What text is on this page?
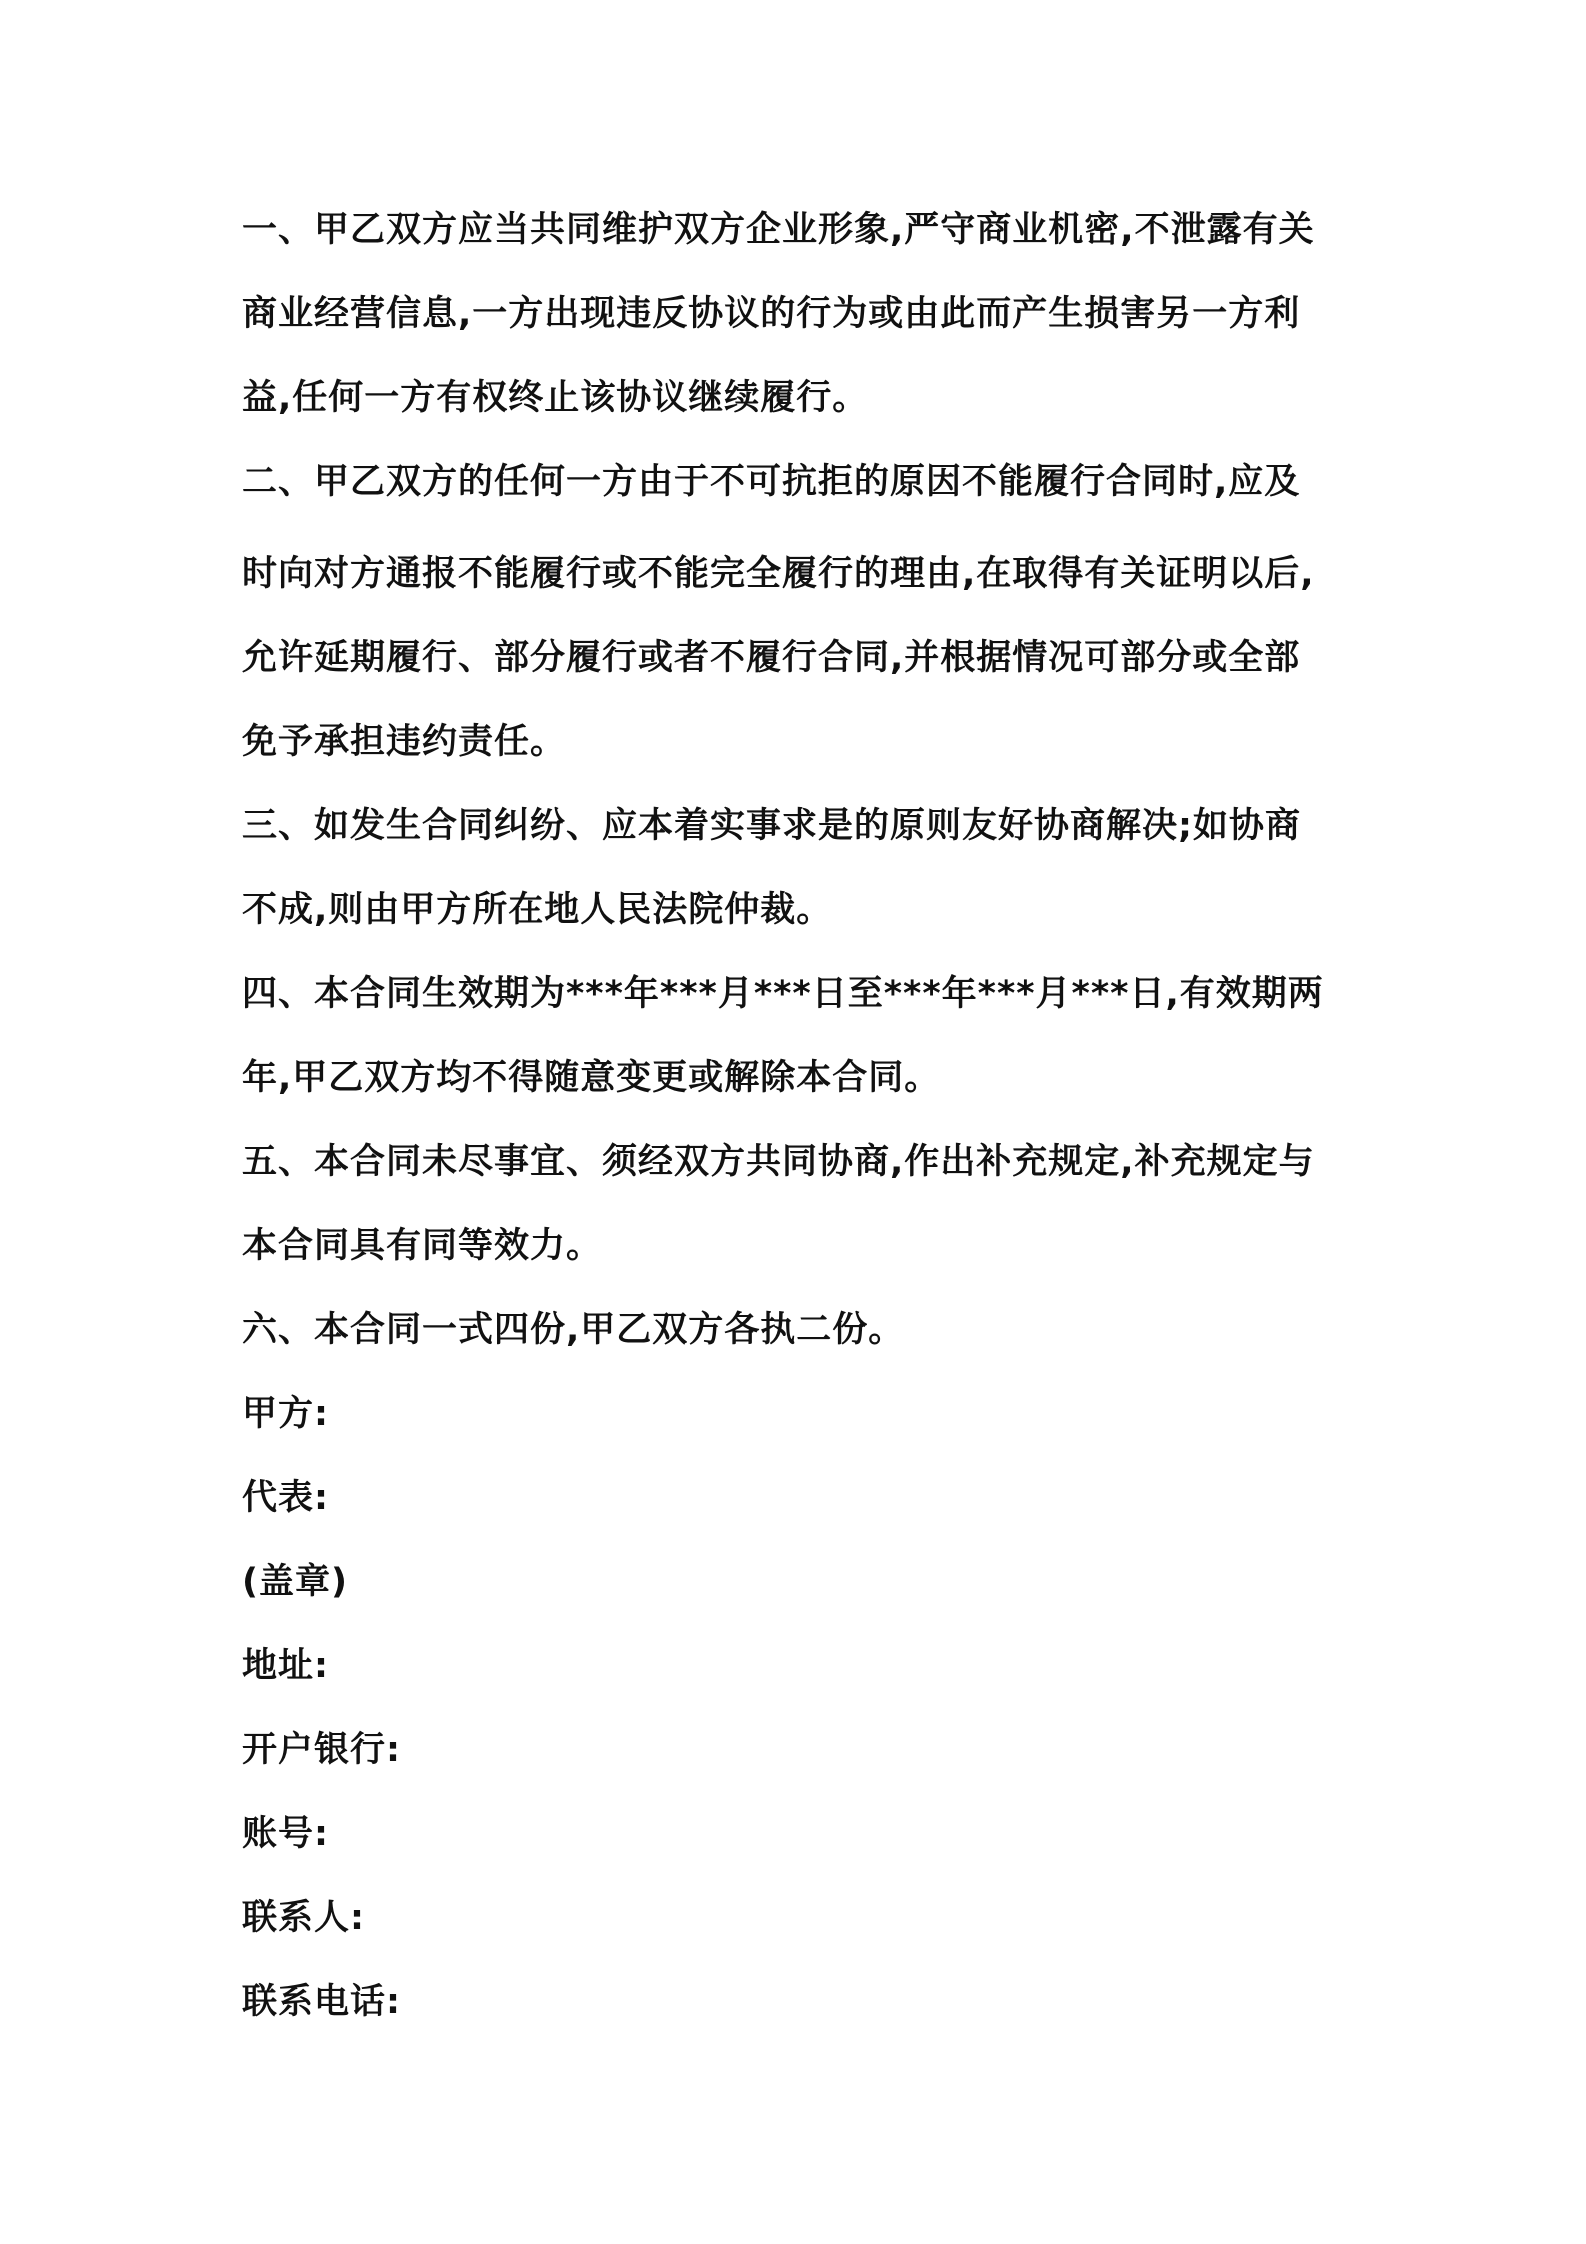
一、甲乙双方应当共同维护双方企业形象,严守商业机密,不泄露有关
商业经营信息,一方出现违反协议的行为或由此而产生损害另一方利
益,任何一方有权终止该协议继续履行。
二、甲乙双方的任何一方由于不可抗拒的原因不能履行合同时,应及
时向对方通报不能履行或不能完全履行的理由,在取得有关证明以后,
允许延期履行、部分履行或者不履行合同,并根据情况可部分或全部
免予承担违约责任。
三、如发生合同纠纷、应本着实事求是的原则友好协商解决;如协商
不成,则由甲方所在地人民法院仲裁。
四、本合同生效期为***年***月***日至***年***月***日,有效期两
年,甲乙双方均不得随意变更或解除本合同。
五、本合同未尽事宜、须经双方共同协商,作出补充规定,补充规定与
本合同具有同等效力。
六、本合同一式四份,甲乙双方各执二份。
甲方:
代表:
(盖章)
地址:
开户银行:
账号:
联系人:
联系电话:
